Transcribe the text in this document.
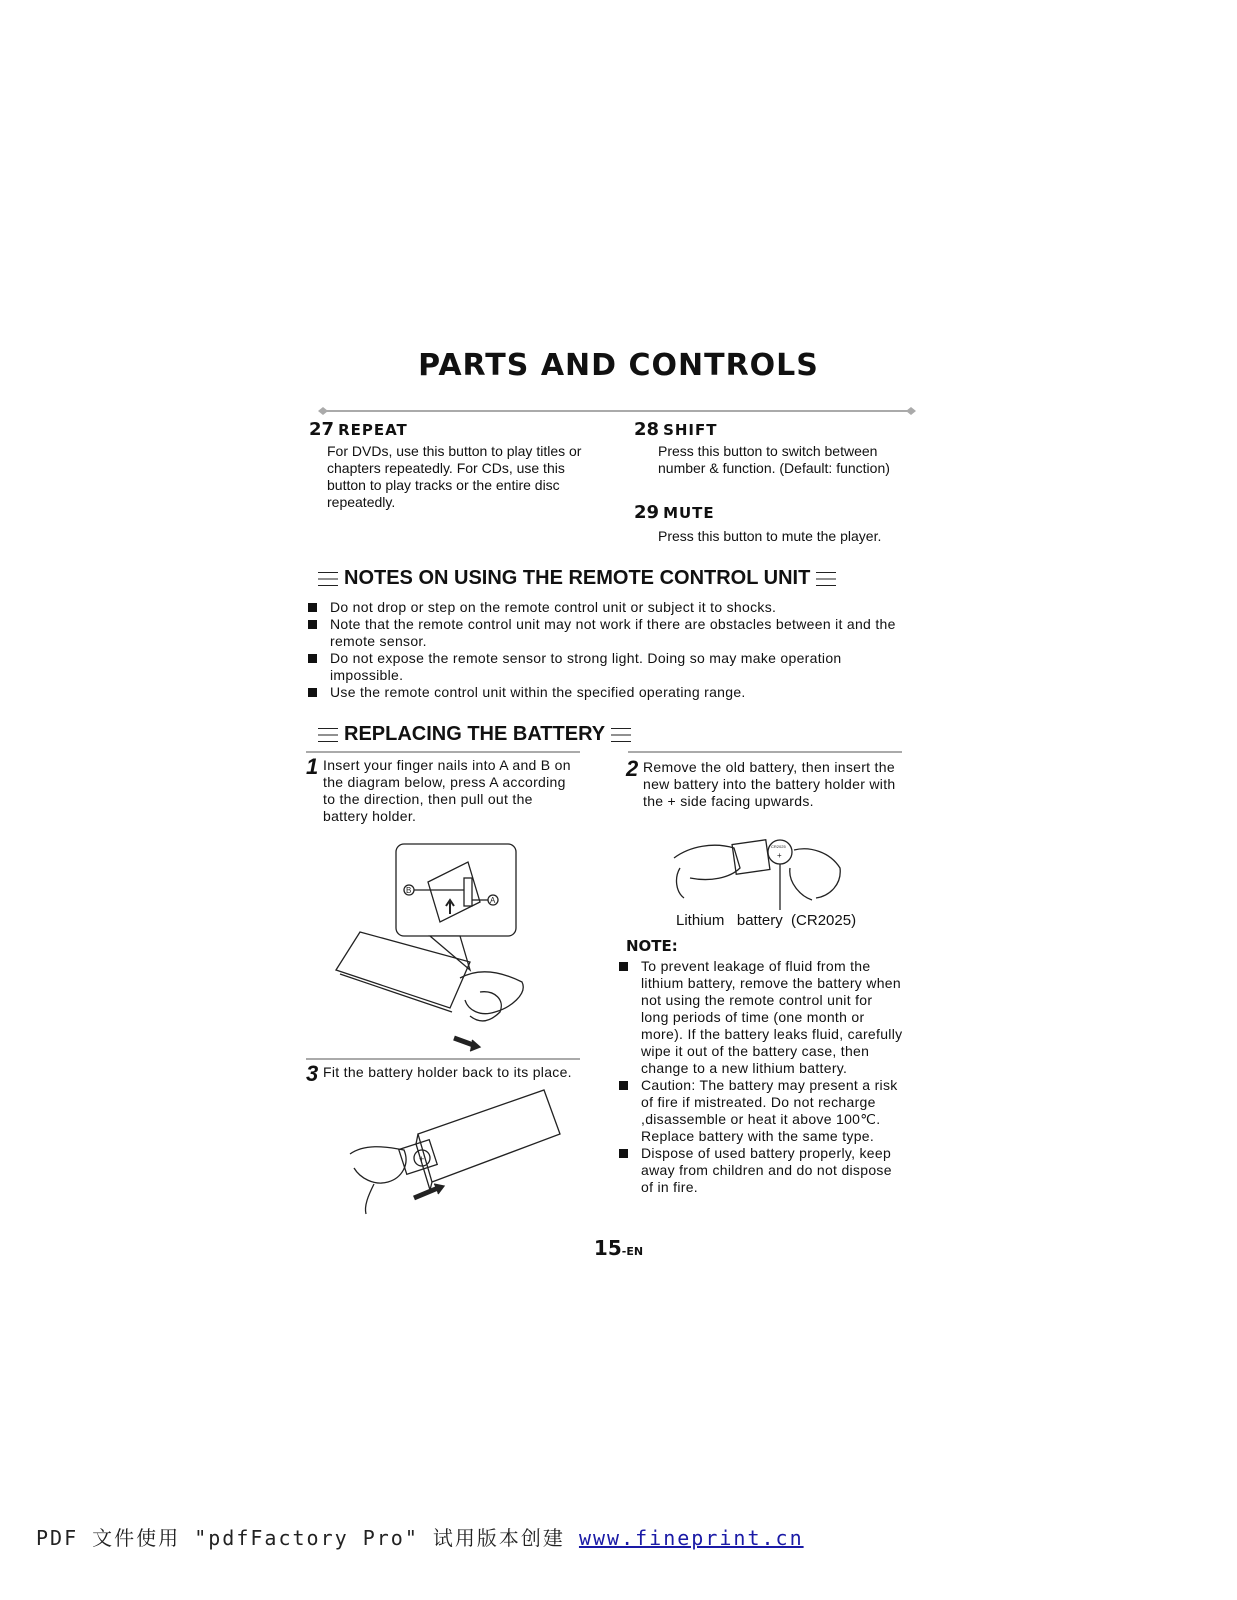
PARTS AND CONTROLS
27 REPEAT
For DVDs, use this button to play titles or chapters repeatedly. For CDs, use this button to play tracks or the entire disc repeatedly.
28 SHIFT
Press this button to switch between number & function. (Default: function)
29 MUTE
Press this button to mute the player.
NOTES ON USING THE REMOTE CONTROL UNIT
Do not drop or step on the remote control unit or subject it to shocks.
Note that the remote control unit may not work if there are obstacles between it and the remote sensor.
Do not expose the remote sensor to strong light. Doing so may make operation impossible.
Use the remote control unit within the specified operating range.
REPLACING THE BATTERY
1 Insert your finger nails into A and B on the diagram below, press A according to the direction, then pull out the battery holder.
B
A
3 Fit the battery holder back to its place.
+
2 Remove the old battery, then insert the new battery into the battery holder with the + side facing upwards.
CR2025
+
Lithium   battery  (CR2025)
NOTE:
To prevent leakage of fluid from the lithium battery, remove the battery when not using the remote control unit for long periods of time (one month or more). If the battery leaks fluid, carefully wipe it out of the battery case, then change to a new lithium battery.
Caution: The battery may present a risk of fire if mistreated. Do not recharge ,disassemble or heat it above 100℃. Replace battery with the same type.
Dispose of used battery properly, keep away from children and do not dispose of in fire.
15-EN
PDF 文件使用 "pdfFactory Pro" 试用版本创建 www.fineprint.cn
